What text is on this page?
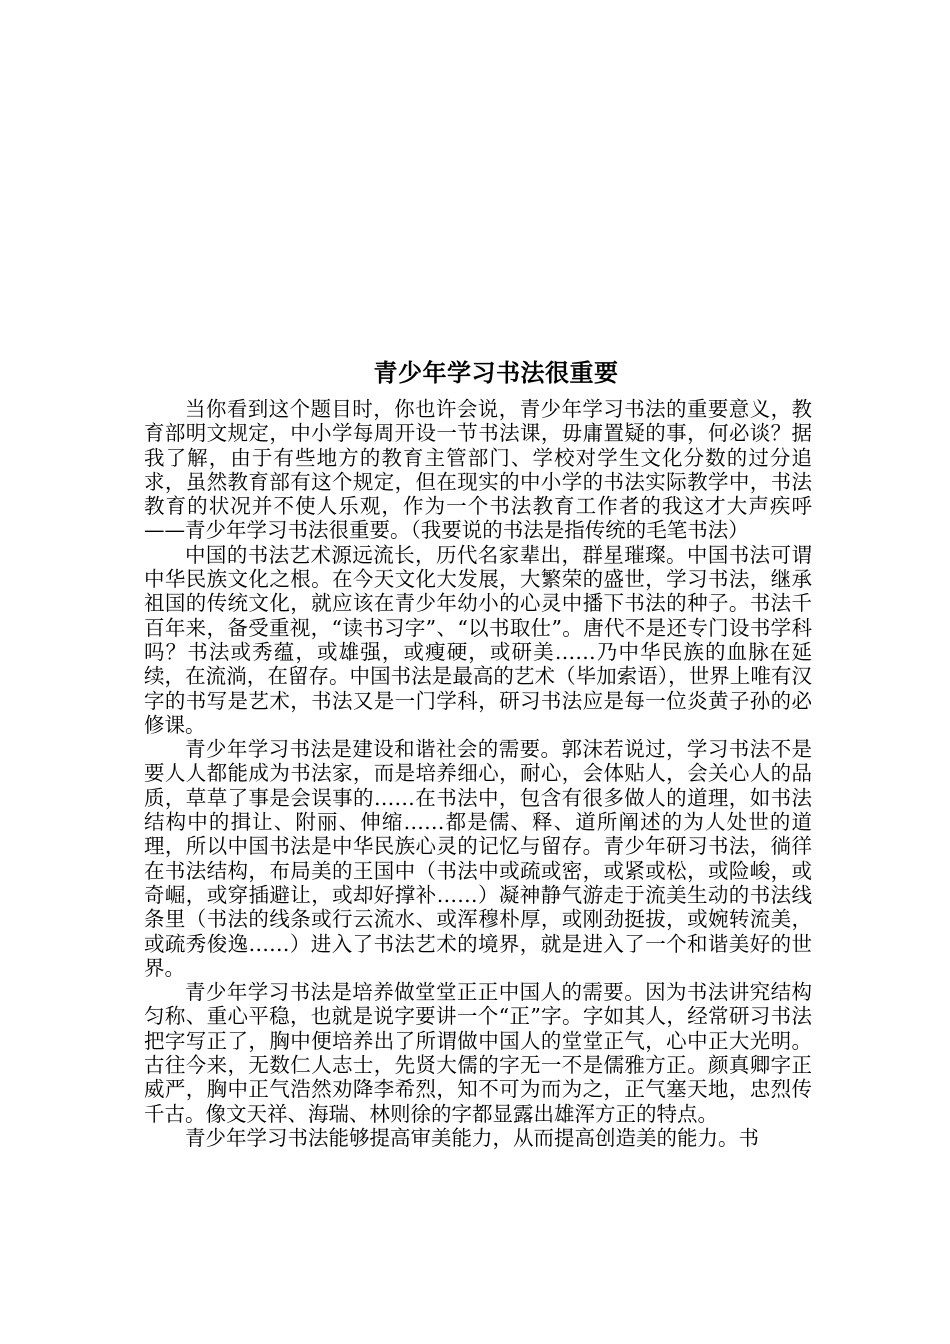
青少年学习书法很重要

当你看到这个题目时，你也许会说，青少年学习书法的重要意义，教育部明文规定，中小学每周开设一节书法课，毋庸置疑的事，何必谈？据我了解，由于有些地方的教育主管部门、学校对学生文化分数的过分追求，虽然教育部有这个规定，但在现实的中小学的书法实际教学中，书法教育的状况并不使人乐观，作为一个书法教育工作者的我这才大声疾呼——青少年学习书法很重要。（我要说的书法是指传统的毛笔书法）

中国的书法艺术源远流长，历代名家辈出，群星璀璨。中国书法可谓中华民族文化之根。在今天文化大发展，大繁荣的盛世，学习书法，继承祖国的传统文化，就应该在青少年幼小的心灵中播下书法的种子。书法千百年来，备受重视，“读书习字”、“以书取仕”。唐代不是还专门设书学科吗？书法或秀蕴，或雄强，或瘦硬，或研美……乃中华民族的血脉在延续，在流淌，在留存。中国书法是最高的艺术（毕加索语），世界上唯有汉字的书写是艺术，书法又是一门学科，研习书法应是每一位炎黄子孙的必修课。

青少年学习书法是建设和谐社会的需要。郭沫若说过，学习书法不是要人人都能成为书法家，而是培养细心，耐心，会体贴人，会关心人的品质，草草了事是会误事的……在书法中，包含有很多做人的道理，如书法结构中的揖让、附丽、伸缩……都是儒、释、道所阐述的为人处世的道理，所以中国书法是中华民族心灵的记忆与留存。青少年研习书法，徜徉在书法结构，布局美的王国中（书法中或疏或密，或紧或松，或险峻，或奇崛，或穿插避让，或却好撑补……）凝神静气游走于流美生动的书法线条里（书法的线条或行云流水、或浑穆朴厚，或刚劲挺拔，或婉转流美，或疏秀俊逸……）进入了书法艺术的境界，就是进入了一个和谐美好的世界。

青少年学习书法是培养做堂堂正正中国人的需要。因为书法讲究结构匀称、重心平稳，也就是说字要讲一个“正”字。字如其人，经常研习书法把字写正了，胸中便培养出了所谓做中国人的堂堂正气，心中正大光明。古往今来，无数仁人志士，先贤大儒的字无一不是儒雅方正。颜真卿字正威严，胸中正气浩然劝降李希烈，知不可为而为之，正气塞天地，忠烈传千古。像文天祥、海瑞、林则徐的字都显露出雄浑方正的特点。

青少年学习书法能够提高审美能力，从而提高创造美的能力。书
